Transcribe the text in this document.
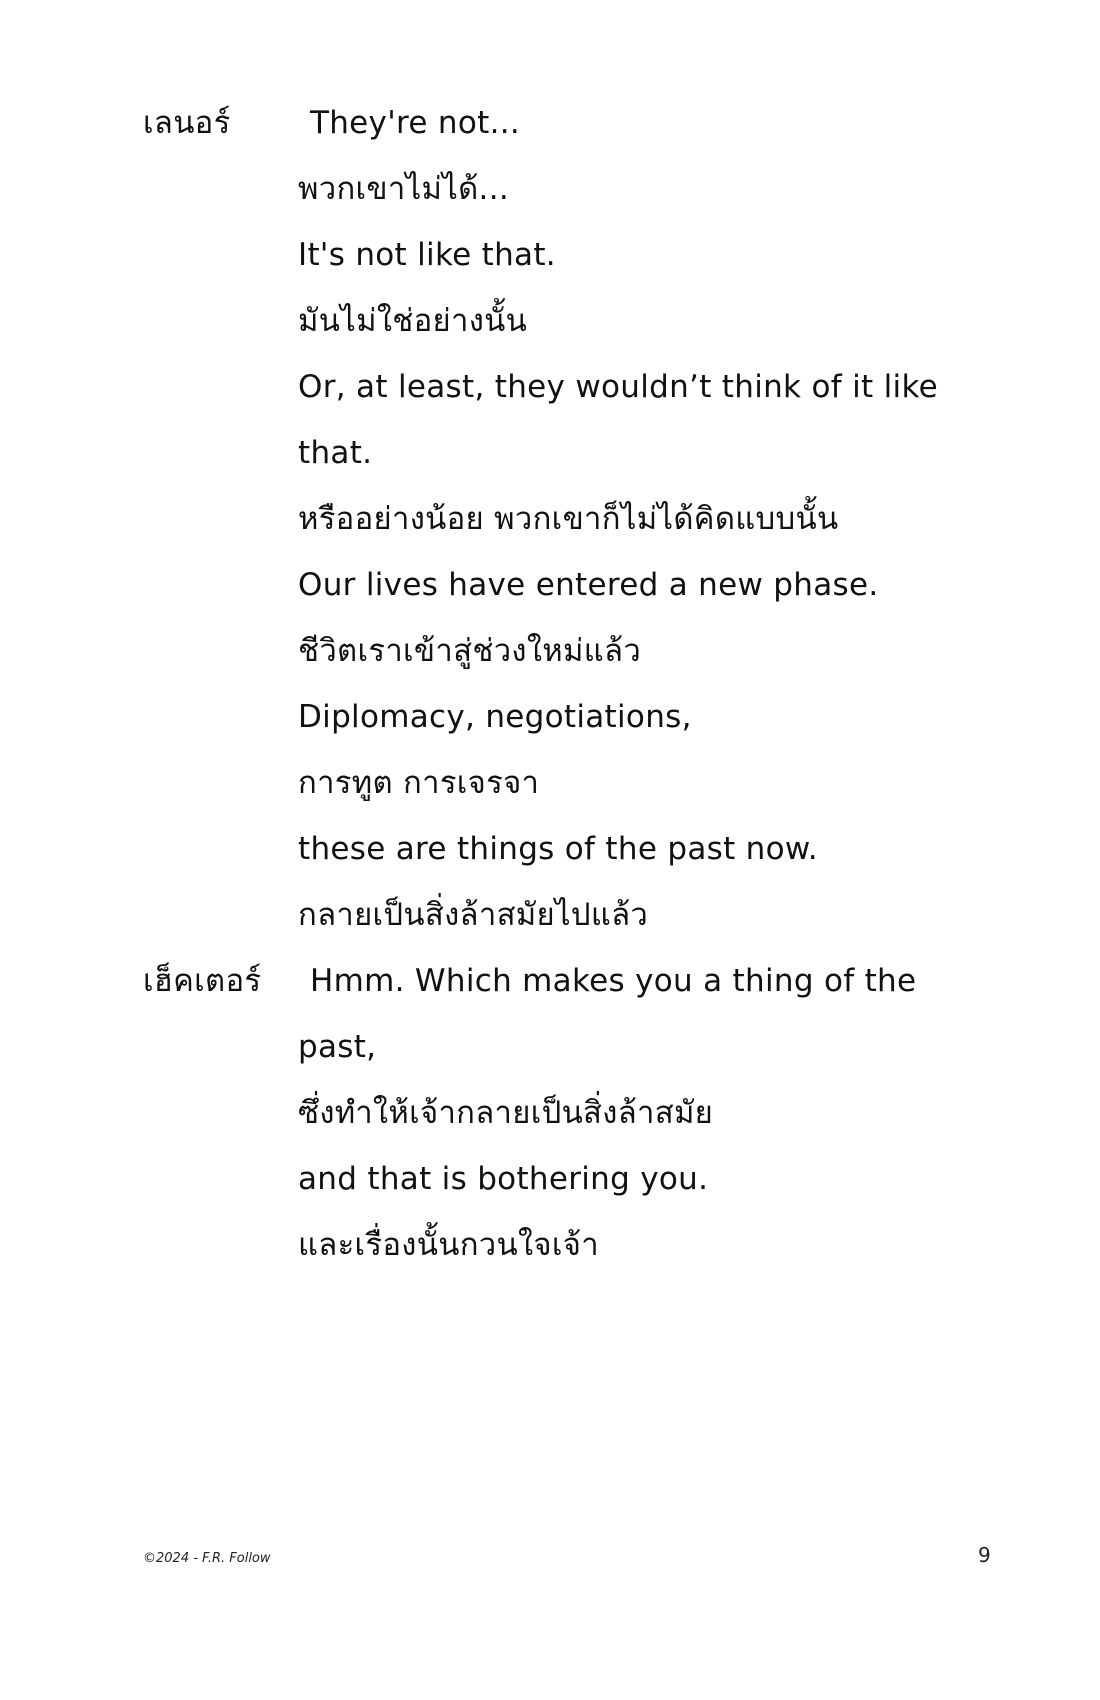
เลนอร์	They're not...
พวกเขาไม่ได้...
It's not like that.
มันไม่ใช่อย่างนั้น
Or, at least, they wouldn’t think of it like
that.
หรืออย่างน้อย พวกเขาก็ไม่ได้คิดแบบนั้น
Our lives have entered a new phase.
ชีวิตเราเข้าสู่ช่วงใหม่แล้ว
Diplomacy, negotiations,
การทูต การเจรจา
these are things of the past now.
กลายเป็นสิ่งล้าสมัยไปแล้ว
เฮ็คเตอร์ Hmm. Which makes you a thing of the
past,
ซึ่งทำให้เจ้ากลายเป็นสิ่งล้าสมัย
and that is bothering you.
และเรื่องนั้นกวนใจเจ้า
©2024 - F.R. Follow	9
